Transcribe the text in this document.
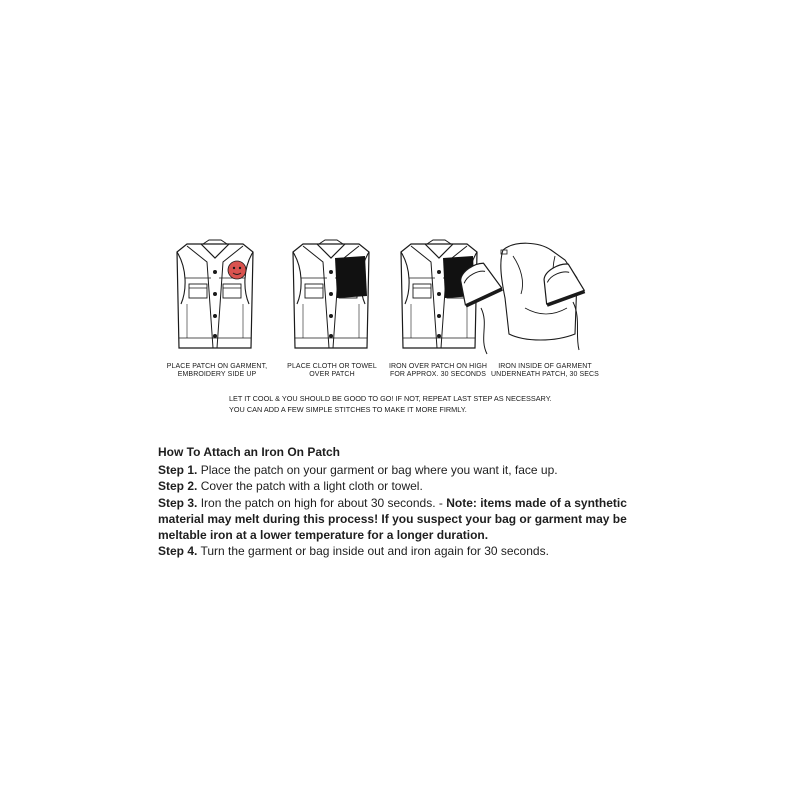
PLACE PATCH ON GARMENT,
EMBROIDERY SIDE UP
PLACE CLOTH OR TOWEL
OVER PATCH
IRON OVER PATCH ON HIGH
FOR APPROX. 30 SECONDS
IRON INSIDE OF GARMENT
UNDERNEATH PATCH, 30 SECS
LET IT COOL & YOU SHOULD BE GOOD TO GO! IF NOT, REPEAT LAST STEP AS NECESSARY.
YOU CAN ADD A FEW SIMPLE STITCHES TO MAKE IT MORE FIRMLY.
How To Attach an Iron On Patch
Step 1. Place the patch on your garment or bag where you want it, face up.
Step 2. Cover the patch with a light cloth or towel.
Step 3. Iron the patch on high for about 30 seconds. - Note: items made of a synthetic material may melt during this process! If you suspect your bag or garment may be meltable iron at a lower temperature for a longer duration.
Step 4. Turn the garment or bag inside out and iron again for 30 seconds.
